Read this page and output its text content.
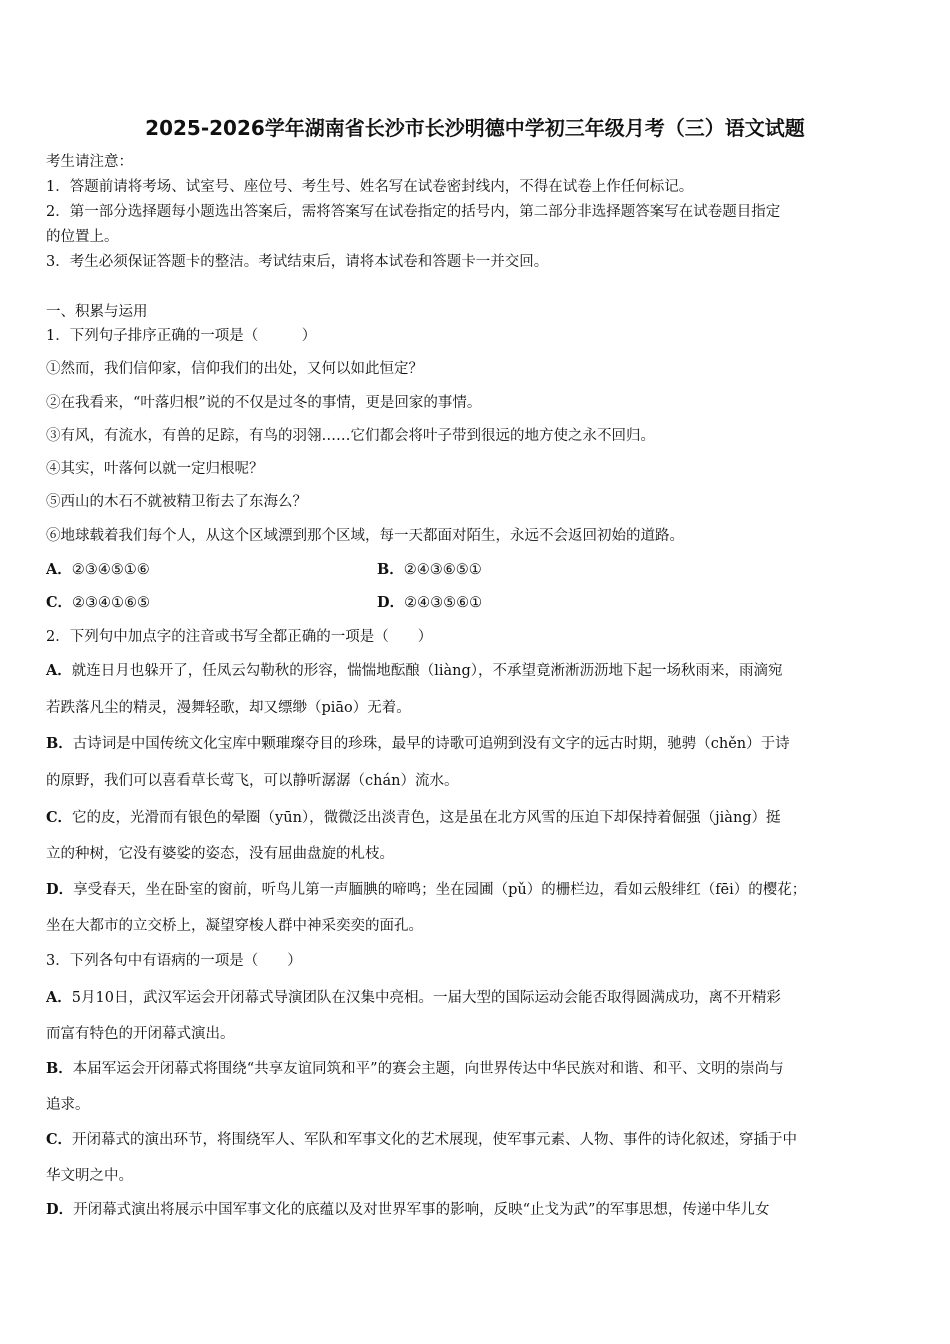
2025-2026学年湖南省长沙市长沙明德中学初三年级月考（三）语文试题
考生请注意：
1．答题前请将考场、试室号、座位号、考生号、姓名写在试卷密封线内，不得在试卷上作任何标记。
2．第一部分选择题每小题选出答案后，需将答案写在试卷指定的括号内，第二部分非选择题答案写在试卷题目指定
的位置上。
3．考生必须保证答题卡的整洁。考试结束后，请将本试卷和答题卡一并交回。
一、积累与运用
1．下列句子排序正确的一项是（　　　）
①然而，我们信仰家，信仰我们的出处，又何以如此恒定？
②在我看来，“叶落归根”说的不仅是过冬的事情，更是回家的事情。
③有风，有流水，有兽的足踪，有鸟的羽翎……它们都会将叶子带到很远的地方使之永不回归。
④其实，叶落何以就一定归根呢？
⑤西山的木石不就被精卫衔去了东海么？
⑥地球载着我们每个人，从这个区域漂到那个区域，每一天都面对陌生，永远不会返回初始的道路。
A．②③④⑤①⑥	B．②④③⑥⑤①
C．②③④①⑥⑤	D．②④③⑤⑥①
2．下列句中加点字的注音或书写全都正确的一项是（　　）
A．就连日月也躲开了，任凤云勾勒秋的形容，惴惴地酝酿（liàng），不承望竟淅淅沥沥地下起一场秋雨来，雨滴宛
若跌落凡尘的精灵，漫舞轻歌，却又缥缈（piāo）无着。
B．古诗词是中国传统文化宝库中颗璀璨夺目的珍珠，最早的诗歌可追朔到没有文字的远古时期，驰骋（chěn）于诗
的原野，我们可以喜看草长莺飞，可以静听潺潺（chán）流水。
C．它的皮，光滑而有银色的晕圈（yūn），微微泛出淡青色，这是虽在北方风雪的压迫下却保持着倔强（jiàng）挺
立的种树，它没有婆娑的姿态，没有屈曲盘旋的札枝。
D．享受春天，坐在卧室的窗前，听鸟儿第一声腼腆的啼鸣；坐在园圃（pǔ）的栅栏边，看如云般绯红（fēi）的樱花；
坐在大都市的立交桥上，凝望穿梭人群中神采奕奕的面孔。
3．下列各句中有语病的一项是（　　）
A．5月10日，武汉军运会开闭幕式导演团队在汉集中亮相。一届大型的国际运动会能否取得圆满成功，离不开精彩
而富有特色的开闭幕式演出。
B．本届军运会开闭幕式将围绕“共享友谊同筑和平”的赛会主题，向世界传达中华民族对和谐、和平、文明的崇尚与
追求。
C．开闭幕式的演出环节，将围绕军人、军队和军事文化的艺术展现，使军事元素、人物、事件的诗化叙述，穿插于中
华文明之中。
D．开闭幕式演出将展示中国军事文化的底蕴以及对世界军事的影响，反映“止戈为武”的军事思想，传递中华儿女
